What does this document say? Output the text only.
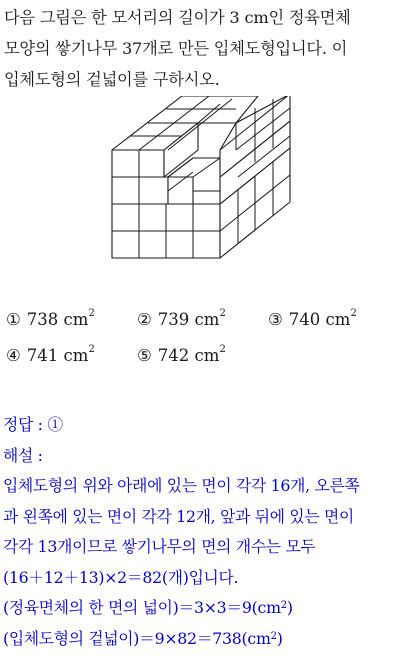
다음 그림은 한 모서리의 길이가 3 cm인 정육면체
모양의 쌓기나무 37개로 만든 입체도형입니다. 이
입체도형의 겉넓이를 구하시오.
① 738 $cm^2$	② 739 $cm^2$	③ 740 $cm^2$
④ 741 $cm^2$	⑤ 742 $cm^2$
정답 : ①
해설 :
입체도형의 위와 아래에 있는 면이 각각 16개, 오른쪽
과 왼쪽에 있는 면이 각각 12개, 앞과 뒤에 있는 면이
각각 13개이므로 쌓기나무의 면의 개수는 모두
(16＋12＋13)×2＝82(개)입니다.
(정육면체의 한 면의 넓이)$=3\times 3=9(cm^2)$
(입체도형의 겉넓이)$=9\times 82=738(cm^2)$
